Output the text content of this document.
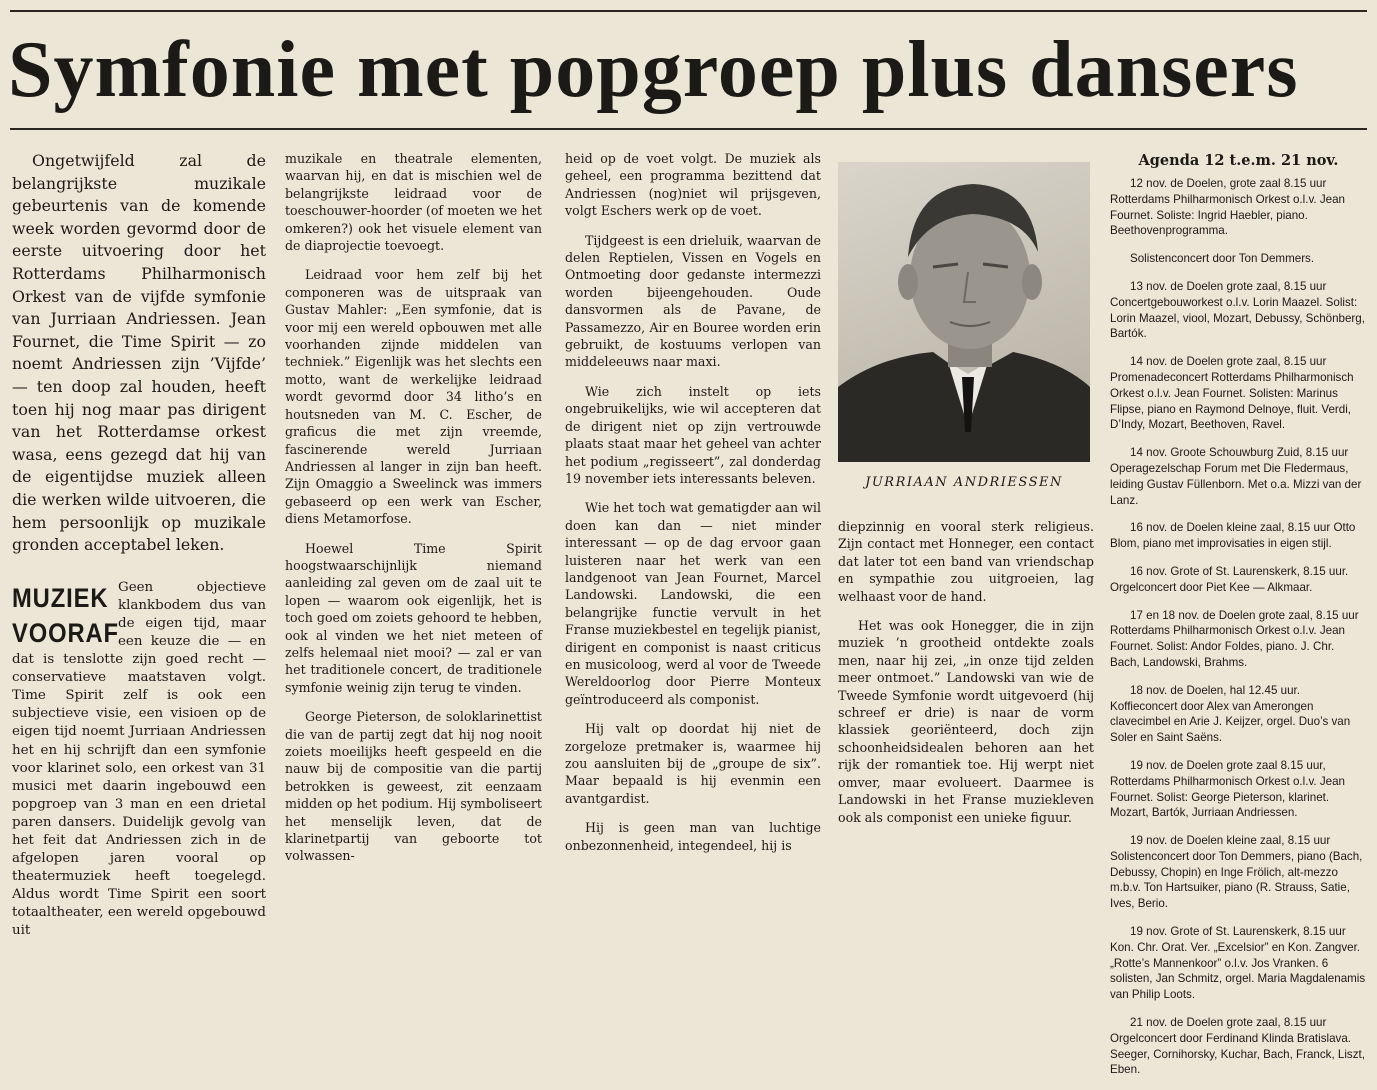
Symfonie met popgroep plus dansers

Ongetwijfeld zal de belangrijkste muzikale gebeurtenis van de komende week worden gevormd door de eerste uitvoering door het Rotterdams Philharmonisch Orkest van de vijfde symfonie van Jurriaan Andriessen. Jean Fournet, die Time Spirit — zo noemt Andriessen zijn ’Vijfde’ — ten doop zal houden, heeft toen hij nog maar pas dirigent van het Rotterdamse orkest wasa, eens gezegd dat hij van de eigentijdse muziek alleen die werken wilde uitvoeren, die hem persoonlijk op muzikale gronden acceptabel leken.

MUZIEK
VOORAF

Geen objectieve klankbodem dus van de eigen tijd, maar een keuze die — en dat is tenslotte zijn goed recht — conservatieve maatstaven volgt. Time Spirit zelf is ook een subjectieve visie, een visioen op de eigen tijd noemt Jurriaan Andriessen het en hij schrijft dan een symfonie voor klarinet solo, een orkest van 31 musici met daarin ingebouwd een popgroep van 3 man en een drietal paren dansers. Duidelijk gevolg van het feit dat Andriessen zich in de afgelopen jaren vooral op theatermuziek heeft toegelegd. Aldus wordt Time Spirit een soort totaaltheater, een wereld opgebouwd uit

muzikale en theatrale elementen, waarvan hij, en dat is mischien wel de belangrijkste leidraad voor de toeschouwer-hoorder (of moeten we het omkeren?) ook het visuele element van de diaprojectie toevoegt.

Leidraad voor hem zelf bij het componeren was de uitspraak van Gustav Mahler: „Een symfonie, dat is voor mij een wereld opbouwen met alle voorhanden zijnde middelen van techniek.” Eigenlijk was het slechts een motto, want de werkelijke leidraad wordt gevormd door 34 litho’s en houtsneden van M. C. Escher, de graficus die met zijn vreemde, fascinerende wereld Jurriaan Andriessen al langer in zijn ban heeft. Zijn Omaggio a Sweelinck was immers gebaseerd op een werk van Escher, diens Metamorfose.

Hoewel Time Spirit hoogstwaarschijnlijk niemand aanleiding zal geven om de zaal uit te lopen — waarom ook eigenlijk, het is toch goed om zoiets gehoord te hebben, ook al vinden we het niet meteen of zelfs helemaal niet mooi? — zal er van het traditionele concert, de traditionele symfonie weinig zijn terug te vinden.

George Pieterson, de soloklarinettist die van de partij zegt dat hij nog nooit zoiets moeilijks heeft gespeeld en die nauw bij de compositie van die partij betrokken is geweest, zit eenzaam midden op het podium. Hij symboliseert het menselijk leven, dat de klarinetpartij van geboorte tot volwassen-

heid op de voet volgt. De muziek als geheel, een programma bezittend dat Andriessen (nog)niet wil prijsgeven, volgt Eschers werk op de voet.

Tijdgeest is een drieluik, waarvan de delen Reptielen, Vissen en Vogels en Ontmoeting door gedanste intermezzi worden bijeengehouden. Oude dansvormen als de Pavane, de Passamezzo, Air en Bouree worden erin gebruikt, de kostuums verlopen van middeleeuws naar maxi.

Wie zich instelt op iets ongebruikelijks, wie wil accepteren dat de dirigent niet op zijn vertrouwde plaats staat maar het geheel van achter het podium „regisseert”, zal donderdag 19 november iets interessants beleven.

Wie het toch wat gematigder aan wil doen kan dan — niet minder interessant — op de dag ervoor gaan luisteren naar het werk van een landgenoot van Jean Fournet, Marcel Landowski. Landowski, die een belangrijke functie vervult in het Franse muziekbestel en tegelijk pianist, dirigent en componist is naast criticus en musicoloog, werd al voor de Tweede Wereldoorlog door Pierre Monteux geïntroduceerd als componist.

Hij valt op doordat hij niet de zorgeloze pretmaker is, waarmee hij zou aansluiten bij de „groupe de six”. Maar bepaald is hij evenmin een avantgardist.

Hij is geen man van luchtige onbezonnenheid, integendeel, hij is

JURRIAAN ANDRIESSEN

diepzinnig en vooral sterk religieus. Zijn contact met Honneger, een contact dat later tot een band van vriendschap en sympathie zou uitgroeien, lag welhaast voor de hand.

Het was ook Honegger, die in zijn muziek ’n grootheid ontdekte zoals men, naar hij zei, „in onze tijd zelden meer ontmoet.” Landowski van wie de Tweede Symfonie wordt uitgevoerd (hij schreef er drie) is naar de vorm klassiek georiënteerd, doch zijn schoonheidsidealen behoren aan het rijk der romantiek toe. Hij werpt niet omver, maar evolueert. Daarmee is Landowski in het Franse muziekleven ook als componist een unieke figuur.

Agenda 12 t.e.m. 21 nov.

12 nov. de Doelen, grote zaal 8.15 uur Rotterdams Philharmonisch Orkest o.l.v. Jean Fournet. Soliste: Ingrid Haebler, piano. Beethovenprogramma.

Solistenconcert door Ton Demmers.

13 nov. de Doelen grote zaal, 8.15 uur Concertgebouworkest o.l.v. Lorin Maazel. Solist: Lorin Maazel, viool, Mozart, Debussy, Schönberg, Bartók.

14 nov. de Doelen grote zaal, 8.15 uur Promenadeconcert Rotterdams Philharmonisch Orkest o.l.v. Jean Fournet. Solisten: Marinus Flipse, piano en Raymond Delnoye, fluit. Verdi, D’Indy, Mozart, Beethoven, Ravel.

14 nov. Groote Schouwburg Zuid, 8.15 uur Operagezelschap Forum met Die Fledermaus, leiding Gustav Füllenborn. Met o.a. Mizzi van der Lanz.

16 nov. de Doelen kleine zaal, 8.15 uur Otto Blom, piano met improvisaties in eigen stijl.

16 nov. Grote of St. Laurenskerk, 8.15 uur. Orgelconcert door Piet Kee — Alkmaar.

17 en 18 nov. de Doelen grote zaal, 8.15 uur Rotterdams Philharmonisch Orkest o.l.v. Jean Fournet. Solist: Andor Foldes, piano. J. Chr. Bach, Landowski, Brahms.

18 nov. de Doelen, hal 12.45 uur. Koffieconcert door Alex van Amerongen clavecimbel en Arie J. Keijzer, orgel. Duo’s van Soler en Saint Saëns.

19 nov. de Doelen grote zaal 8.15 uur, Rotterdams Philharmonisch Orkest o.l.v. Jean Fournet. Solist: George Pieterson, klarinet. Mozart, Bartók, Jurriaan Andriessen.

19 nov. de Doelen kleine zaal, 8.15 uur Solistenconcert door Ton Demmers, piano (Bach, Debussy, Chopin) en Inge Frölich, alt-mezzo m.b.v. Ton Hartsuiker, piano (R. Strauss, Satie, Ives, Berio.

19 nov. Grote of St. Laurenskerk, 8.15 uur Kon. Chr. Orat. Ver. „Excelsior” en Kon. Zangver. „Rotte’s Mannenkoor” o.l.v. Jos Vranken. 6 solisten, Jan Schmitz, orgel. Maria Magdalenamis van Philip Loots.

21 nov. de Doelen grote zaal, 8.15 uur Orgelconcert door Ferdinand Klinda Bratislava. Seeger, Cornihorsky, Kuchar, Bach, Franck, Liszt, Eben.
